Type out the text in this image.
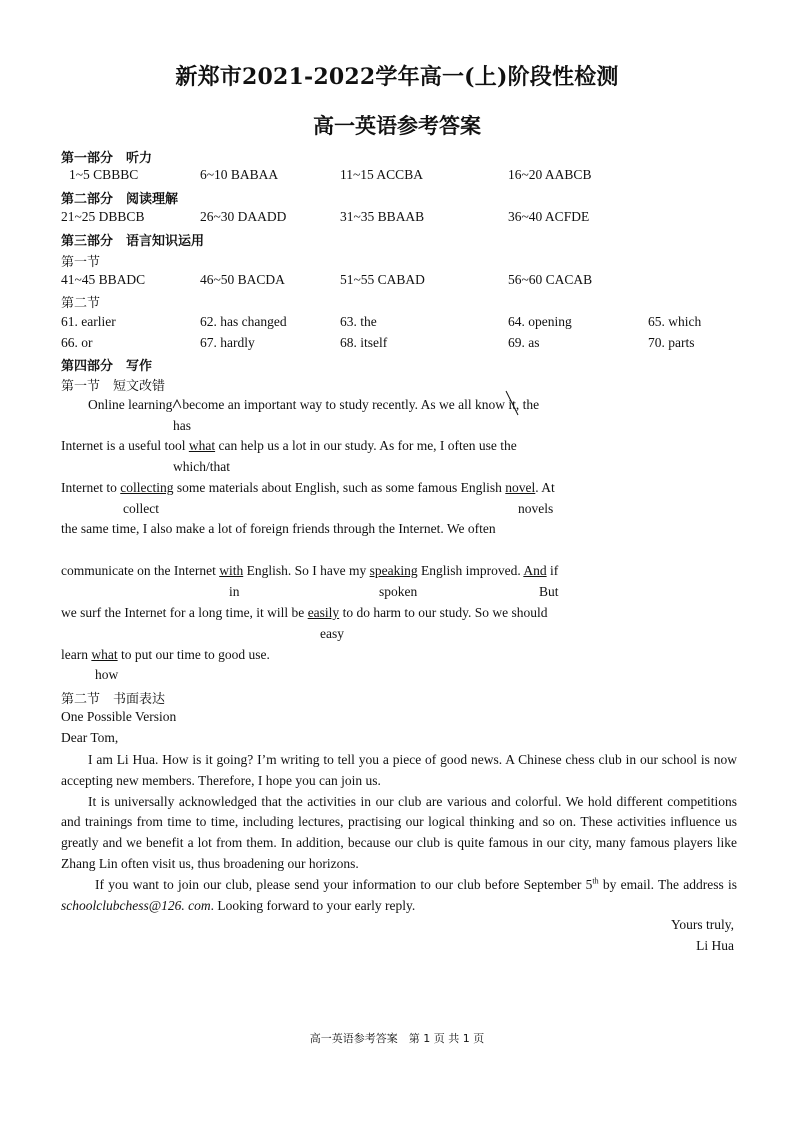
新郑市2021-2022学年高一(上)阶段性检测
高一英语参考答案
第一部分　听力
1~5 CBBBC	6~10 BABAA	11~15 ACCBA	16~20 AABCB
第二部分　阅读理解
21~25 DBBCB	26~30 DAADD	31~35 BBAAB	36~40 ACFDE
第三部分　语言知识运用
第一节
41~45 BBADC	46~50 BACDA	51~55 CABAD	56~60 CACAB
第二节
61. earlier	62. has changed	63. the	64. opening	65. which
66. or	67. hardly	68. itself	69. as	70. parts
第四部分　写作
第一节　短文改错
Online learning become an important way to study recently. As we all know it
, the
has
Internet is a useful tool what can help us a lot in our study. As for me, I often use the
which/that
Internet to collecting some materials about English, such as some famous English novel. At
collect	novels
the same time, I also make a lot of foreign friends through the Internet. We often
communicate on the Internet with English. So I have my speaking English improved. And if
in	spoken	But
we surf the Internet for a long time, it will be easily to do harm to our study. So we should
easy
learn what to put our time to good use.
how
第二节　书面表达
One Possible Version
Dear Tom,

I am Li Hua. How is it going? I’m writing to tell you a piece of good news. A Chinese chess club in our school is now accepting new members. Therefore, I hope you can join us.

It is universally acknowledged that the activities in our club are various and colorful. We hold different competitions and trainings from time to time, including lectures, practising our logical thinking and so on. These activities influence us greatly and we benefit a lot from them. In addition, because our club is quite famous in our city, many famous players like Zhang Lin often visit us, thus broadening our horizons.

If you want to join our club, please send your information to our club before September 5th by email. The address is schoolclubchess@126. com. Looking forward to your early reply.

Yours truly,
Li Hua
高一英语参考答案　第 1 页 共 1 页
